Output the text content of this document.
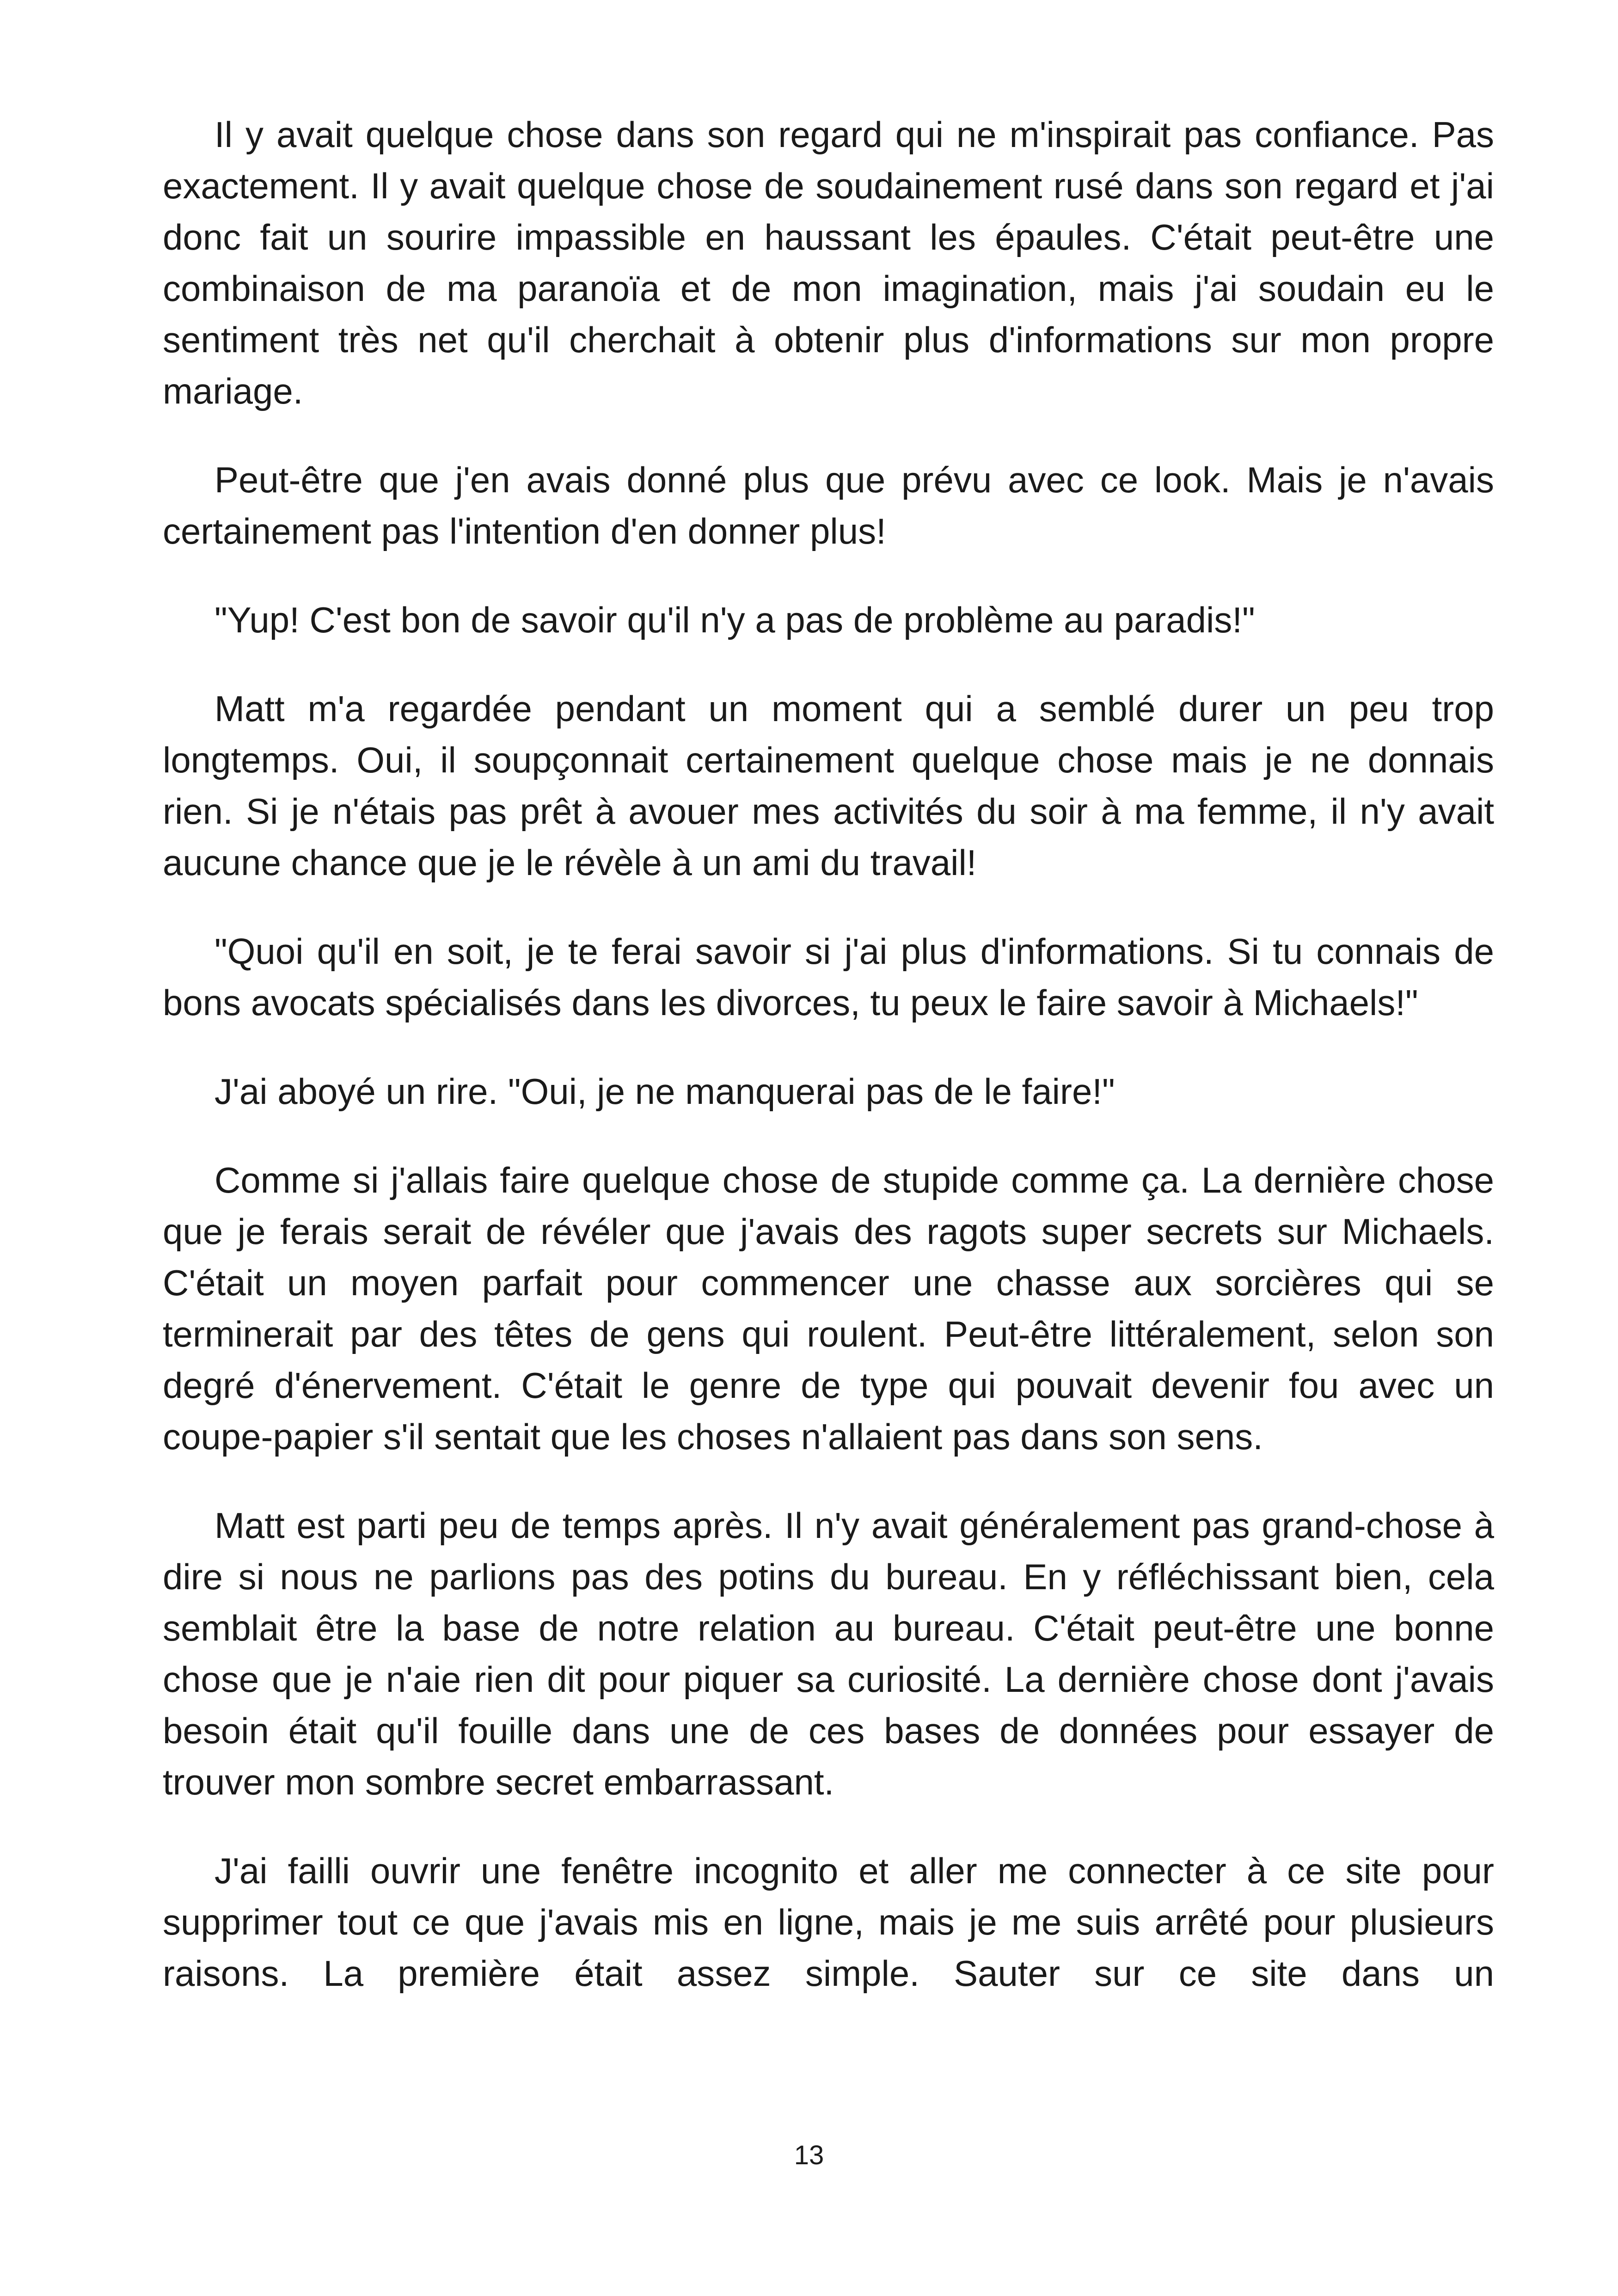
Il y avait quelque chose dans son regard qui ne m'inspirait pas confiance. Pas exactement. Il y avait quelque chose de soudainement rusé dans son regard et j'ai donc fait un sourire impassible en haussant les épaules. C'était peut-être une combinaison de ma paranoïa et de mon imagination, mais j'ai soudain eu le sentiment très net qu'il cherchait à obtenir plus d'informations sur mon propre mariage.

Peut-être que j'en avais donné plus que prévu avec ce look. Mais je n'avais certainement pas l'intention d'en donner plus!

"Yup! C'est bon de savoir qu'il n'y a pas de problème au paradis!"

Matt m'a regardée pendant un moment qui a semblé durer un peu trop longtemps. Oui, il soupçonnait certainement quelque chose mais je ne donnais rien. Si je n'étais pas prêt à avouer mes activités du soir à ma femme, il n'y avait aucune chance que je le révèle à un ami du travail!

"Quoi qu'il en soit, je te ferai savoir si j'ai plus d'informations. Si tu connais de bons avocats spécialisés dans les divorces, tu peux le faire savoir à Michaels!"

J'ai aboyé un rire. "Oui, je ne manquerai pas de le faire!"

Comme si j'allais faire quelque chose de stupide comme ça. La dernière chose que je ferais serait de révéler que j'avais des ragots super secrets sur Michaels. C'était un moyen parfait pour commencer une chasse aux sorcières qui se terminerait par des têtes de gens qui roulent. Peut-être littéralement, selon son degré d'énervement. C'était le genre de type qui pouvait devenir fou avec un coupe-papier s'il sentait que les choses n'allaient pas dans son sens.

Matt est parti peu de temps après. Il n'y avait généralement pas grand-chose à dire si nous ne parlions pas des potins du bureau. En y réfléchissant bien, cela semblait être la base de notre relation au bureau. C'était peut-être une bonne chose que je n'aie rien dit pour piquer sa curiosité. La dernière chose dont j'avais besoin était qu'il fouille dans une de ces bases de données pour essayer de trouver mon sombre secret embarrassant.

J'ai failli ouvrir une fenêtre incognito et aller me connecter à ce site pour supprimer tout ce que j'avais mis en ligne, mais je me suis arrêté pour plusieurs raisons. La première était assez simple. Sauter sur ce site dans un

13
